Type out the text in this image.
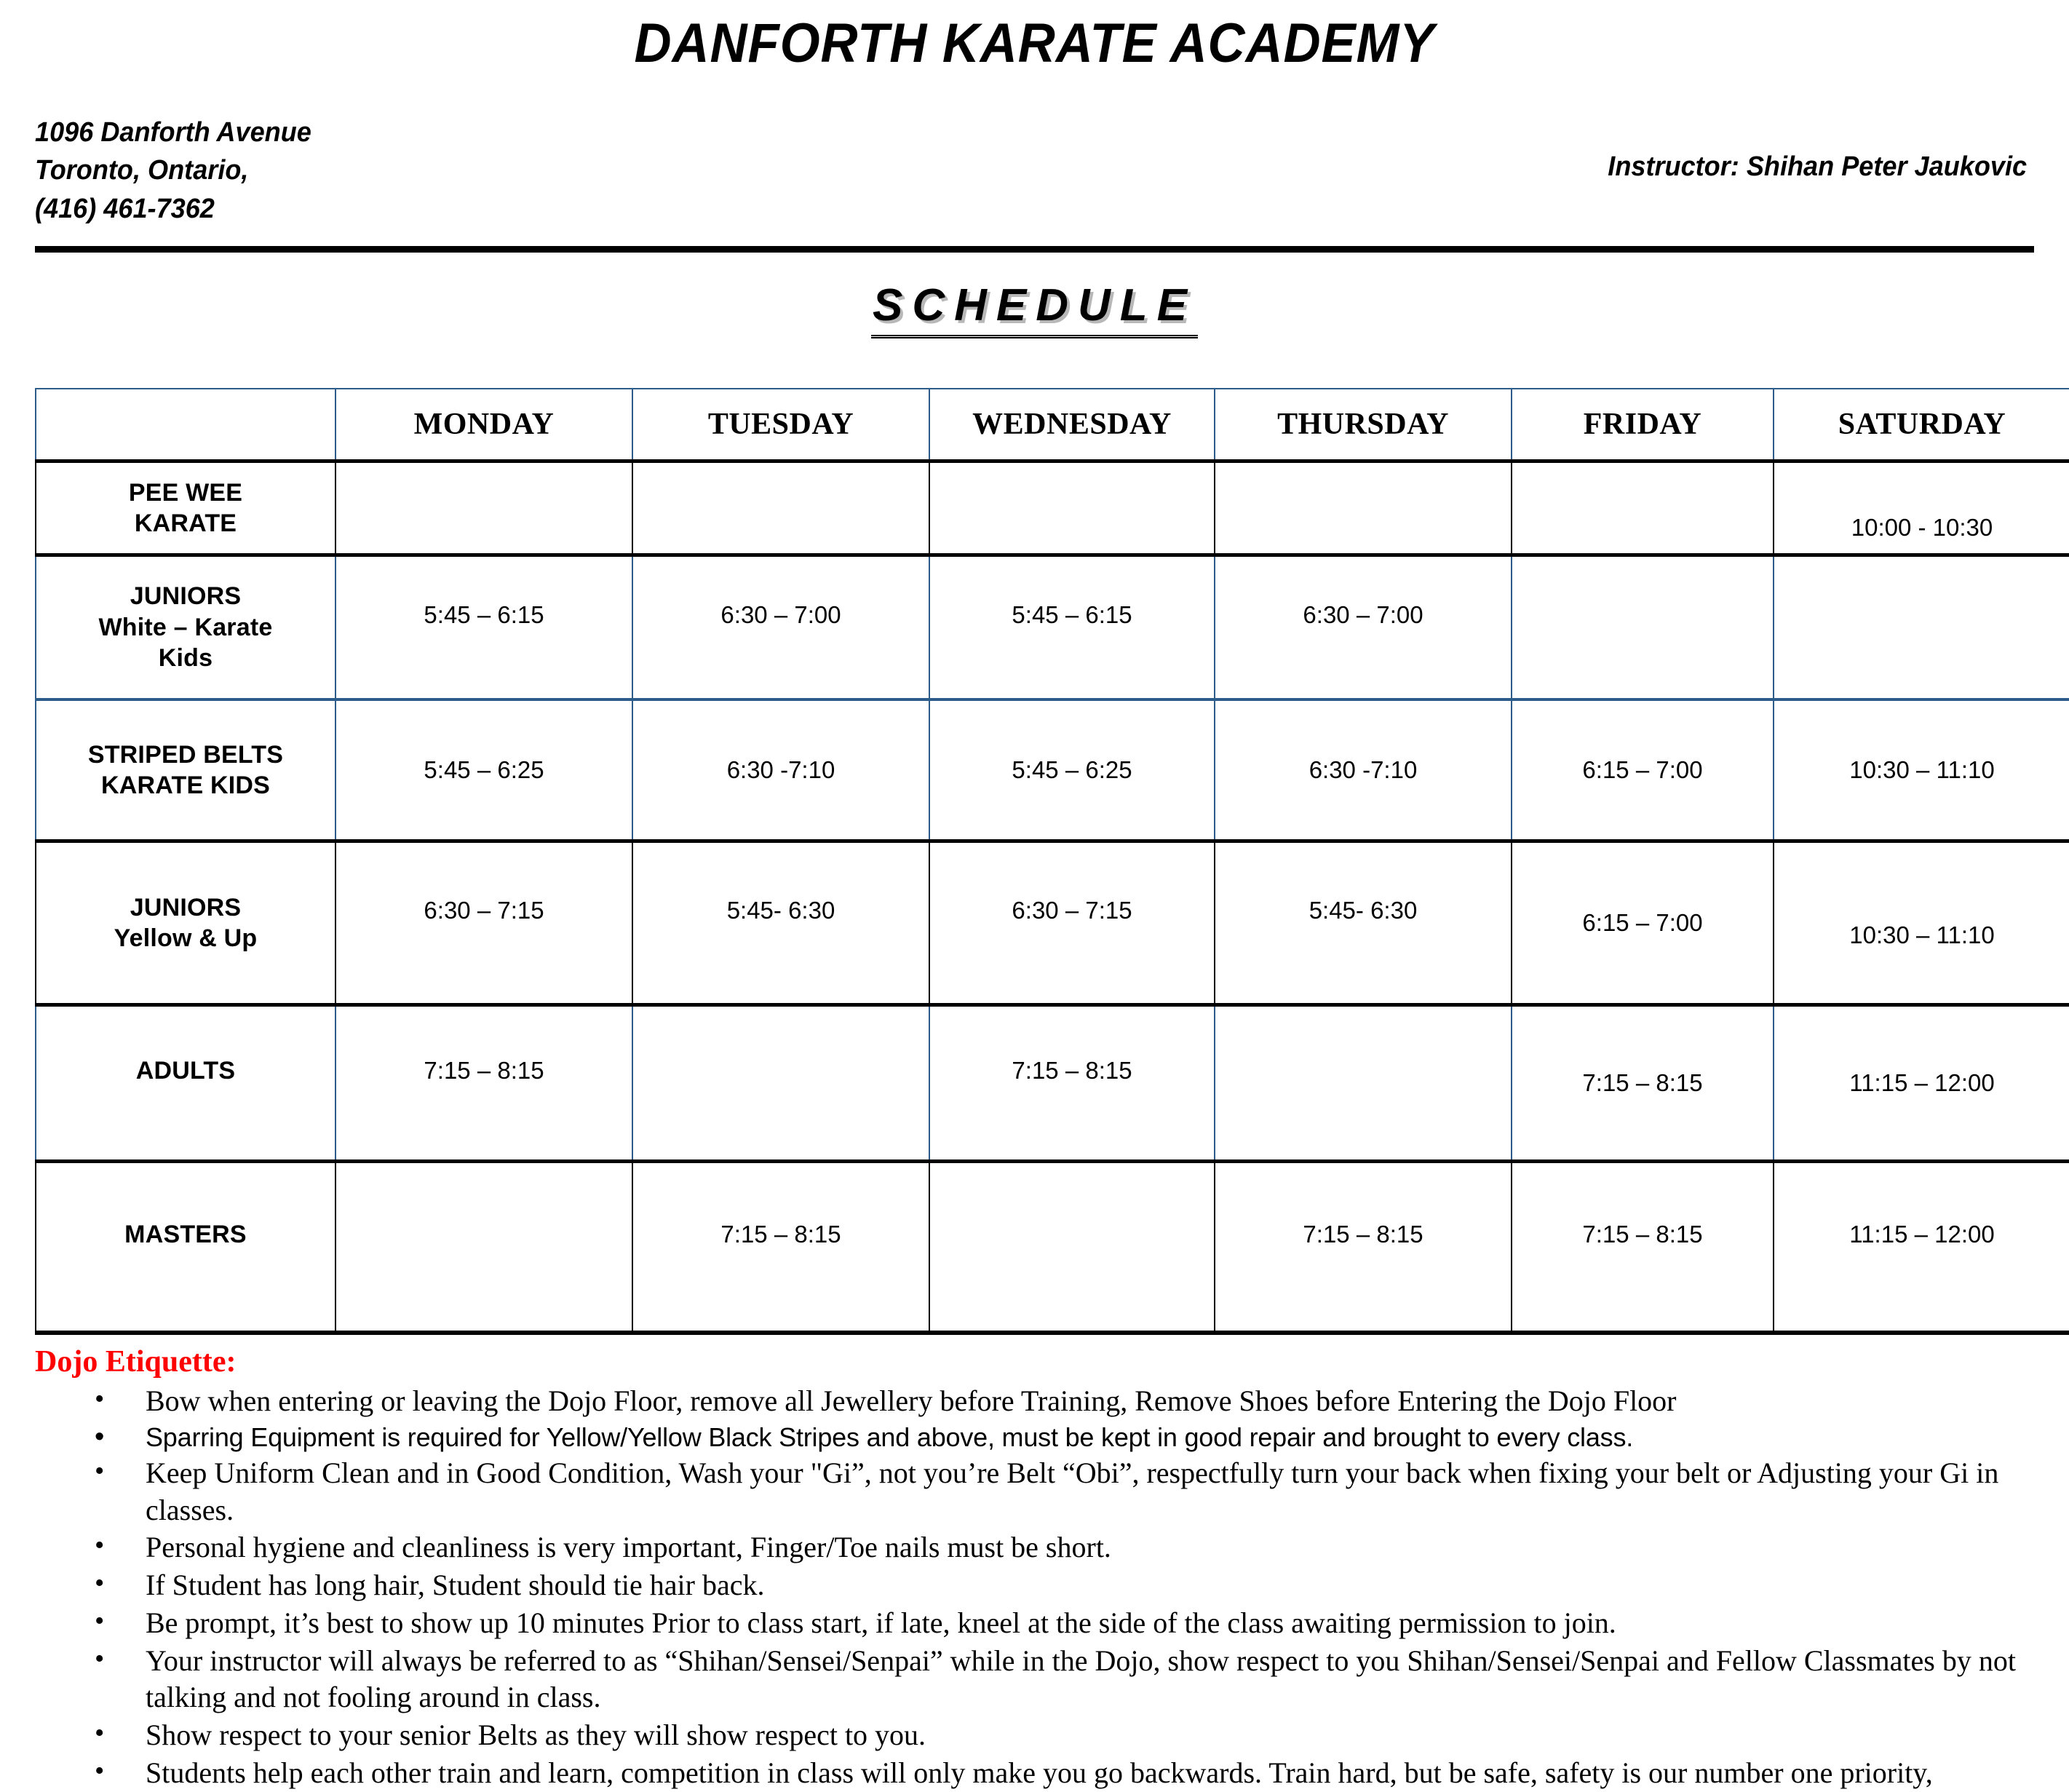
DANFORTH KARATE ACADEMY
1096 Danforth Avenue
Toronto, Ontario,
(416) 461-7362
Instructor: Shihan Peter Jaukovic
SCHEDULE
	MONDAY	TUESDAY	WEDNESDAY	THURSDAY	FRIDAY	SATURDAY

PEE WEE
KARATE						10:00 - 10:30

JUNIORS
White – Karate
Kids	5:45 – 6:15	6:30 – 7:00	5:45 – 6:15	6:30 – 7:00		

STRIPED BELTS
KARATE KIDS	5:45 – 6:25	6:30 -7:10	5:45 – 6:25	6:30 -7:10	6:15 – 7:00	10:30 – 11:10

JUNIORS
Yellow & Up	6:30 – 7:15	5:45- 6:30	6:30 – 7:15	5:45- 6:30	6:15 – 7:00	10:30 – 11:10

ADULTS	7:15 – 8:15		7:15 – 8:15		7:15 – 8:15	11:15 – 12:00

MASTERS		7:15 – 8:15		7:15 – 8:15	7:15 – 8:15	11:15 – 12:00
Dojo Etiquette:
• Bow when entering or leaving the Dojo Floor, remove all Jewellery before Training, Remove Shoes before Entering the Dojo Floor
• Sparring Equipment is required for Yellow/Yellow Black Stripes and above, must be kept in good repair and brought to every class.
• Keep Uniform Clean and in Good Condition, Wash your "Gi”, not you’re Belt “Obi”, respectfully turn your back when fixing your belt or Adjusting your Gi in classes.
• Personal hygiene and cleanliness is very important, Finger/Toe nails must be short.
• If Student has long hair, Student should tie hair back.
• Be prompt, it’s best to show up 10 minutes Prior to class start, if late, kneel at the side of the class awaiting permission to join.
• Your instructor will always be referred to as “Shihan/Sensei/Senpai” while in the Dojo, show respect to you Shihan/Sensei/Senpai and Fellow Classmates by not talking and not fooling around in class.
• Show respect to your senior Belts as they will show respect to you.
• Students help each other train and learn, competition in class will only make you go backwards. Train hard, but be safe, safety is our number one priority,
